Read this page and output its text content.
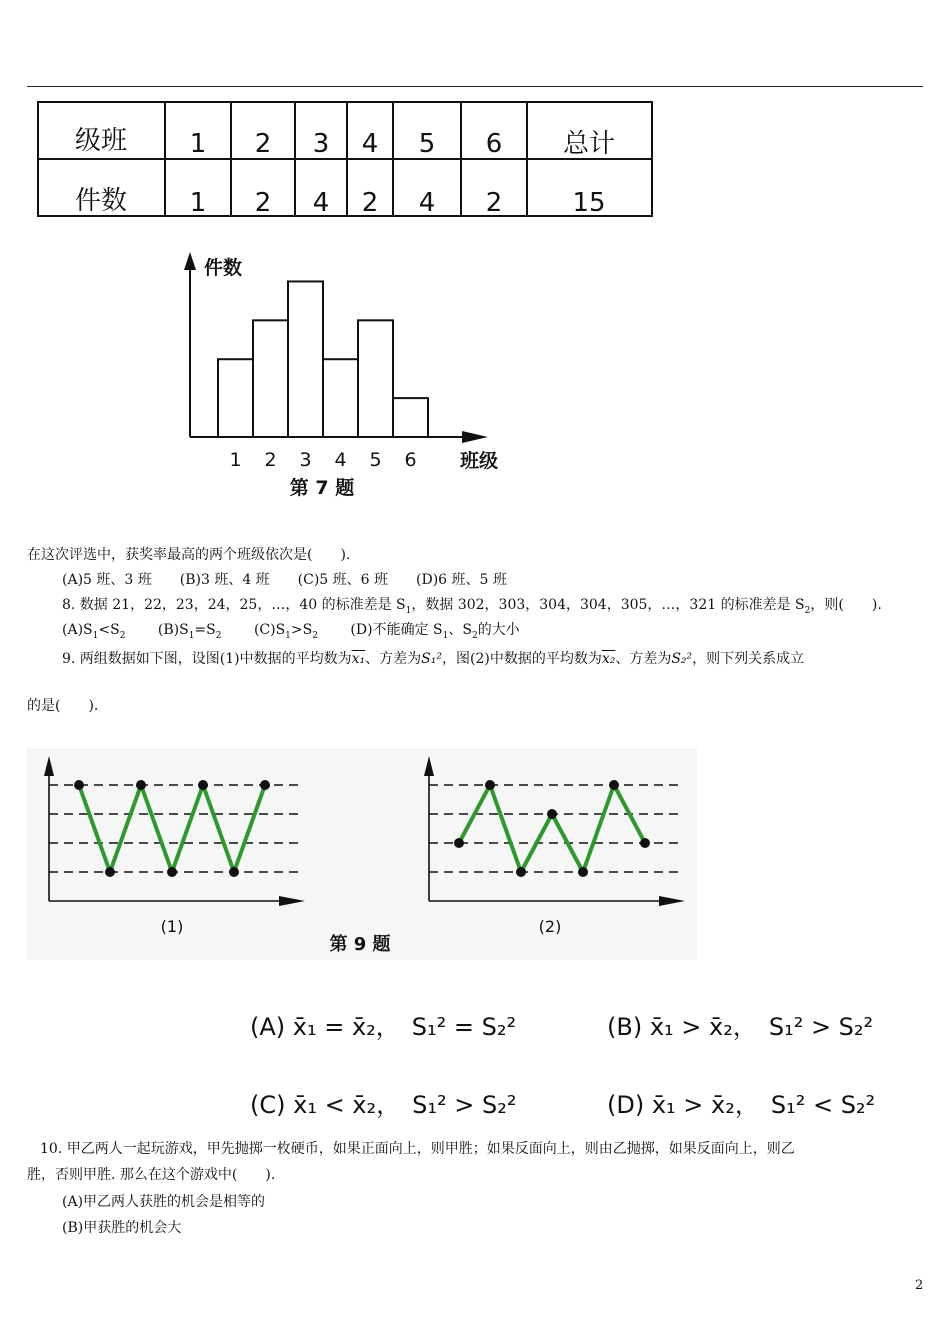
级班 1 2 3 4 5 6 总计
件数 1 2 4 2 4 2	15
件数
班级
1 2 3 4 5 6
第 7 题
在这次评选中，获奖率最高的两个班级依次是(　　).
(A)5 班、3 班　　(B)3 班、4 班　　(C)5 班、6 班　　(D)6 班、5 班
8. 数据 21，22，23，24，25，…，40 的标准差是 $S_1$，数据 302，303，304，304，305，…，321 的标准差是 $S_2$，则(　　).
$(A)S_1<S_2$　　 $(B)S_1=S_2$　　 $(C)S_1>S_2$　　 (D)不能确定 $S_1$、$S_2$的大小
9. 两组数据如下图，设图(1)中数据的平均数为x₁、方差为S₁²，图(2)中数据的平均数为x₂、方差为S₂²，则下列关系成立
的是(　　).
(1)	(2)
第 9 题
(A) x̄₁ = x̄₂，　S₁² = S₂²	(B) x̄₁ > x̄₂，　S₁² > S₂²
(C) x̄₁ < x̄₂，　S₁² > S₂²	(D) x̄₁ > x̄₂，　S₁² < S₂²
10. 甲乙两人一起玩游戏，甲先抛掷一枚硬币，如果正面向上，则甲胜；如果反面向上，则由乙抛掷，如果反面向上，则乙
胜，否则甲胜. 那么在这个游戏中(　　).
(A)甲乙两人获胜的机会是相等的
(B)甲获胜的机会大
2
